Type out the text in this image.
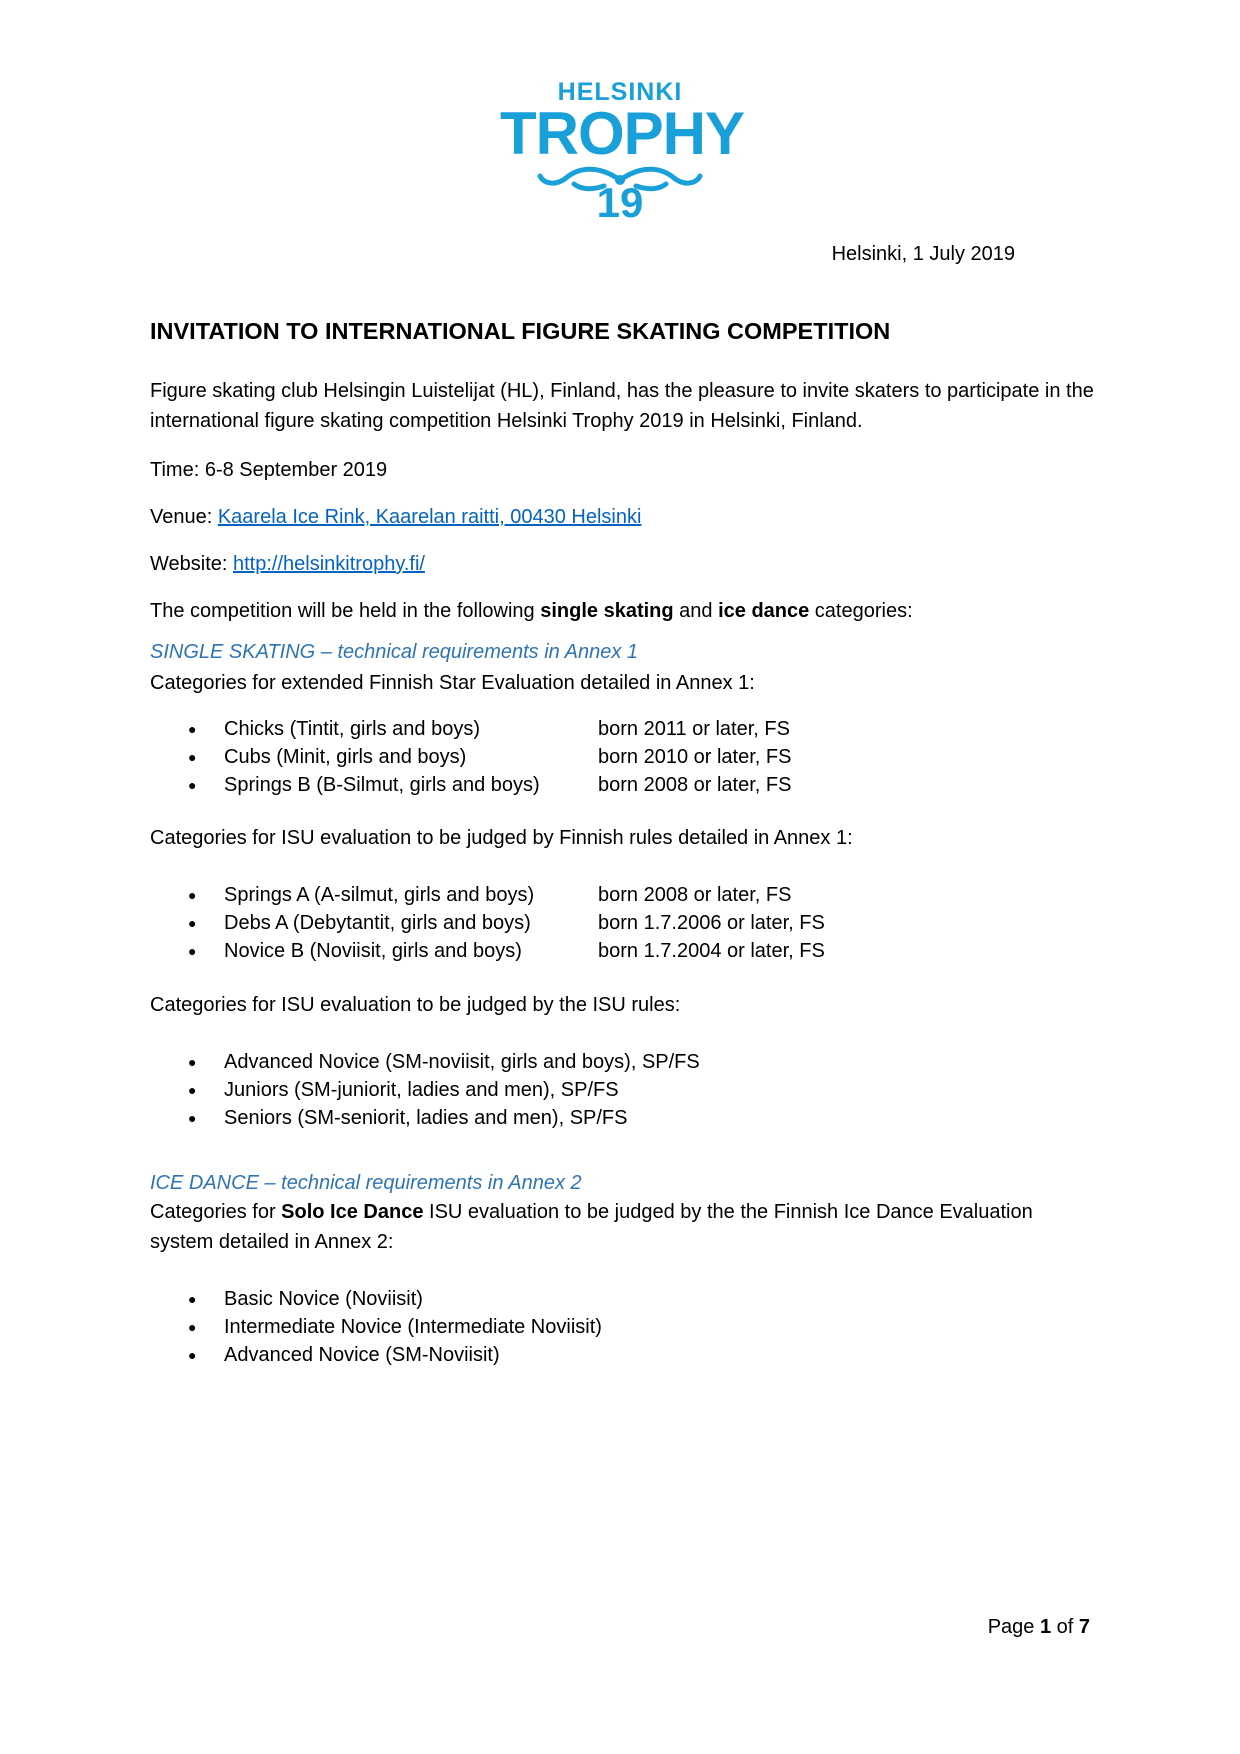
HELSINKI
TROPHY
19
Helsinki, 1 July 2019
INVITATION TO INTERNATIONAL FIGURE SKATING COMPETITION
Figure skating club Helsingin Luistelijat (HL), Finland, has the pleasure to invite skaters to participate in the international figure skating competition Helsinki Trophy 2019 in Helsinki, Finland.
Time: 6-8 September 2019
Venue: Kaarela Ice Rink, Kaarelan raitti, 00430 Helsinki
Website: http://helsinkitrophy.fi/
The competition will be held in the following single skating and ice dance categories:
SINGLE SKATING – technical requirements in Annex 1
Categories for extended Finnish Star Evaluation detailed in Annex 1:
● Chicks (Tintit, girls and boys)	born 2011 or later, FS
● Cubs (Minit, girls and boys)	born 2010 or later, FS
● Springs B (B-Silmut, girls and boys)	born 2008 or later, FS
Categories for ISU evaluation to be judged by Finnish rules detailed in Annex 1:
● Springs A (A-silmut, girls and boys)	born 2008 or later, FS
● Debs A (Debytantit, girls and boys)	born 1.7.2006 or later, FS
● Novice B (Noviisit, girls and boys)	born 1.7.2004 or later, FS
Categories for ISU evaluation to be judged by the ISU rules:
● Advanced Novice (SM-noviisit, girls and boys), SP/FS
● Juniors (SM-juniorit, ladies and men), SP/FS
● Seniors (SM-seniorit, ladies and men), SP/FS
ICE DANCE – technical requirements in Annex 2
Categories for Solo Ice Dance ISU evaluation to be judged by the the Finnish Ice Dance Evaluation system detailed in Annex 2:
● Basic Novice (Noviisit)
● Intermediate Novice (Intermediate Noviisit)
● Advanced Novice (SM-Noviisit)
Page 1 of 7
